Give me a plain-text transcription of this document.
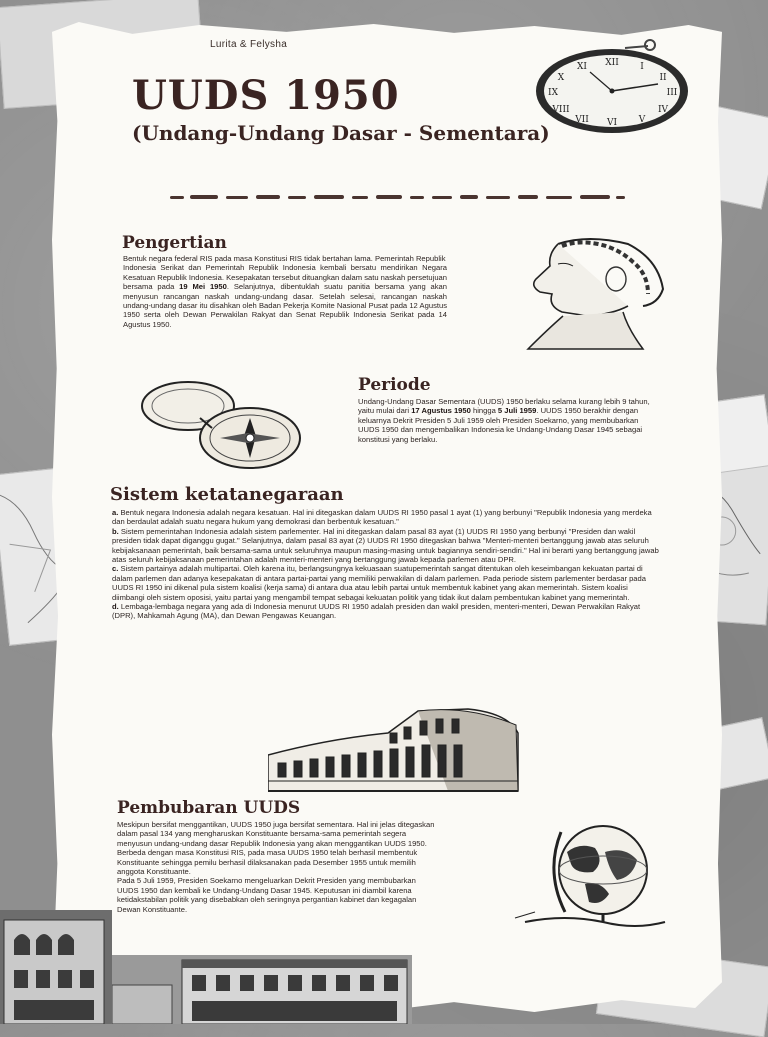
Lurita & Felysha
UUDS 1950
(Undang-Undang Dasar - Sementara)
XII
VI
IX	III
I
II
IV
V
VII
VIII
X
XI
Pengertian
Bentuk negara federal RIS pada masa Konstitusi RIS tidak bertahan lama. Pemerintah Republik
Indonesia Serikat dan Pemerintah Republik Indonesia kembali bersatu mendirikan Negara Kesatuan Republik Indonesia. Kesepakatan tersebut dituangkan dalam satu naskah persetujuan bersama pada 19 Mei 1950. Selanjutnya, dibentuklah suatu panitia bersama yang akan menyusun rancangan naskah undang-undang dasar. Setelah selesai, rancangan naskah undang-undang dasar itu disahkan oleh Badan Pekerja Komite Nasional Pusat pada 12 Agustus 1950 serta oleh Dewan Perwakilan Rakyat dan Senat Republik Indonesia Serikat pada 14 Agustus 1950.
Periode
Undang-Undang Dasar Sementara (UUDS) 1950 berlaku selama kurang lebih 9 tahun, yaitu mulai dari 17 Agustus 1950 hingga 5 Juli 1959. UUDS 1950 berakhir dengan keluarnya Dekrit Presiden 5 Juli 1959 oleh Presiden Soekarno, yang membubarkan UUDS 1950 dan mengembalikan Indonesia ke Undang-Undang Dasar 1945 sebagai konstitusi yang berlaku.
Sistem ketatanegaraan
a. Bentuk negara Indonesia adalah negara kesatuan. Hal ini ditegaskan dalam UUDS RI 1950 pasal 1 ayat (1) yang berbunyi "Republik Indonesia yang merdeka dan berdaulat adalah suatu negara hukum yang demokrasi dan berbentuk kesatuan."
b. Sistem pemerintahan Indonesia adalah sistem parlementer. Hal ini ditegaskan dalam pasal 83 ayat (1) UUDS RI 1950 yang berbunyi "Presiden dan wakil presiden tidak dapat diganggu gugat." Selanjutnya, dalam pasal 83 ayat (2) UUDS RI 1950 ditegaskan bahwa "Menteri-menteri bertanggung jawab atas seluruh kebijaksanaan pemerintah, baik bersama-sama untuk seluruhnya maupun masing-masing untuk bagiannya sendiri-sendiri." Hal ini berarti yang bertanggung jawab atas seluruh kebijaksanaan pemerintahan adalah menteri-menteri yang bertanggung jawab kepada parlemen atau DPR.
c. Sistem partainya adalah multipartai. Oleh karena itu, berlangsungnya kekuasaan suatupemerintah sangat ditentukan oleh keseimbangan kekuatan partai di dalam parlemen dan adanya kesepakatan di antara partai-partai yang memiliki perwakilan di dalam parlemen. Pada periode sistem parlementer berdasar pada UUDS RI 1950 ini dikenal pula sistem koalisi (kerja sama) di antara dua atau lebih partai untuk membentuk kabinet yang akan memerintah. Sistem koalisi diimbangi oleh sistem oposisi, yaitu partai yang mengambil tempat sebagai kekuatan politik yang tidak ikut dalam pembentukan kabinet yang memerintah.
d. Lembaga-lembaga negara yang ada di Indonesia menurut UUDS RI 1950 adalah presiden dan wakil presiden, menteri-menteri, Dewan Perwakilan Rakyat (DPR), Mahkamah Agung (MA), dan Dewan Pengawas Keuangan.
Pembubaran UUDS
Meskipun bersifat menggantikan, UUDS 1950 juga bersifat sementara. Hal ini jelas ditegaskan dalam pasal 134 yang mengharuskan Konstituante bersama-sama pemerintah segera menyusun undang-undang dasar Republik Indonesia yang akan menggantikan UUDS 1950. Berbeda dengan masa Konstitusi RIS, pada masa UUDS 1950 telah berhasil membentuk Konstituante sehingga pemilu berhasil dilaksanakan pada Desember 1955 untuk memilih anggota Konstituante.
Pada 5 Juli 1959, Presiden Soekarno mengeluarkan Dekrit Presiden yang membubarkan UUDS 1950 dan kembali ke Undang-Undang Dasar 1945. Keputusan ini diambil karena ketidakstabilan politik yang disebabkan oleh seringnya pergantian kabinet dan kegagalan Dewan Konstituante.
